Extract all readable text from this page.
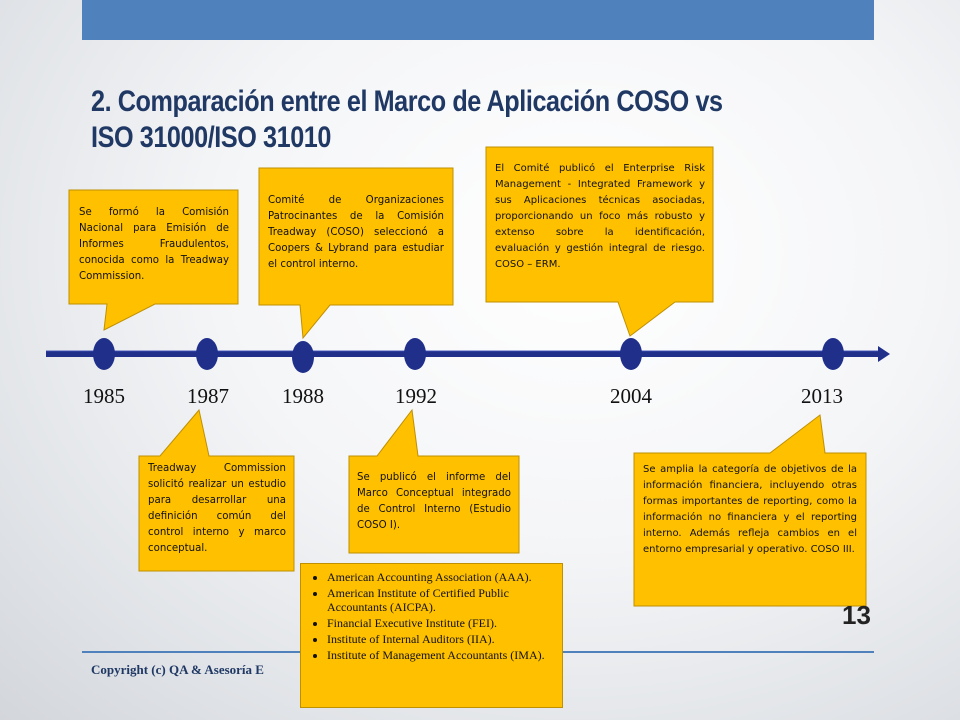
2. Comparación entre el Marco de Aplicación COSO vs
ISO 31000/ISO 31010
1985	1987	1988	1992	2004	2013
Se formó la Comisión Nacional para Emisión de Informes Fraudulentos, conocida como la Treadway Commission.
Comité de Organizaciones Patrocinantes de la Comisión Treadway (COSO) seleccionó a Coopers & Lybrand para estudiar el control interno.
El Comité publicó el Enterprise Risk Management - Integrated Framework y sus Aplicaciones técnicas asociadas, proporcionando un foco más robusto y extenso sobre la identificación, evaluación y gestión integral de riesgo. COSO – ERM.
Treadway Commission solicitó realizar un estudio para desarrollar una definición común del control interno y marco conceptual.
Se publicó el informe del Marco Conceptual integrado de Control Interno (Estudio COSO I).
Se amplia la categoría de objetivos de la información financiera, incluyendo otras formas importantes de reporting, como la información no financiera y el reporting interno. Además refleja cambios en el entorno empresarial y operativo. COSO III.
Copyright (c) QA & Asesoría E
13
• American Accounting Association (AAA).
• American Institute of Certified Public Accountants (AICPA).
• Financial Executive Institute (FEI).
• Institute of Internal Auditors (IIA).
• Institute of Management Accountants (IMA).
